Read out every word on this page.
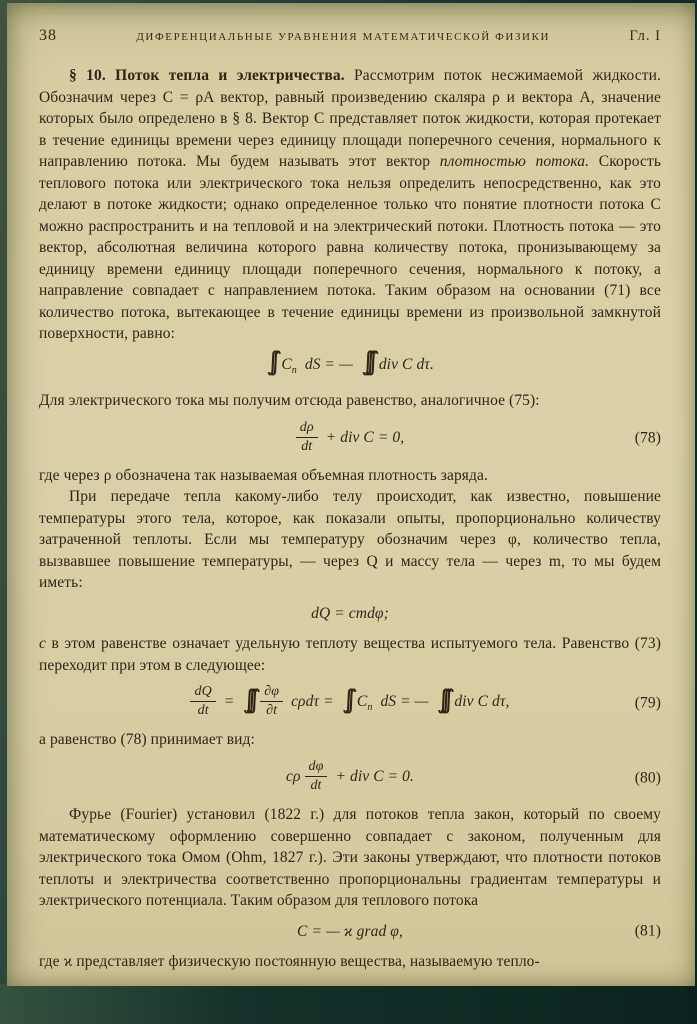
38	ДИФЕРЕНЦИАЛЬНЫЕ УРАВНЕНИЯ МАТЕМАТИЧЕСКОЙ ФИЗИКИ	Гл. I

§ 10. Поток тепла и электричества. Рассмотрим поток несжимаемой жидкости. Обозначим через C = ρA вектор, равный произведению скаляра ρ и вектора A, значение которых было определено в § 8. Вектор C представляет поток жидкости, которая протекает в течение единицы времени через единицу площади поперечного сечения, нормального к направлению потока. Мы будем называть этот вектор плотностью потока. Скорость теплового потока или электрического тока нельзя определить непосредственно, как это делают в потоке жидкости; однако определенное только что понятие плотности потока C можно распространить и на тепловой и на электрический потоки. Плотность потока — это вектор, абсолютная величина которого равна количеству потока, пронизывающему за единицу времени единицу площади поперечного сечения, нормального к потоку, а направление совпадает с направлением потока. Таким образом на основании (71) все количество потока, вытекающее в течение единицы времени из произвольной замкнутой поверхности, равно:

∫∫ $C_n$ dS = — ∫∫∫ div C dτ.

Для электрического тока мы получим отсюда равенство, аналогичное (75):

$\frac{d\rho}{dt}$ + div C = 0,	(78)

где через ρ обозначена так называемая объемная плотность заряда.

При передаче тепла какому-либо телу происходит, как известно, повышение температуры этого тела, которое, как показали опыты, пропорционально количеству затраченной теплоты. Если мы температуру обозначим через φ, количество тепла, вызвавшее повышение температуры, — через Q и массу тела — через m, то мы будем иметь:

dQ = cmdφ;

c в этом равенстве означает удельную теплоту вещества испытуемого тела. Равенство (73) переходит при этом в следующее:

$\frac{dQ}{dt}$ = ∫∫∫ $\frac{\partial\varphi}{\partial t}$ cρdτ = ∫∫ $C_n$ dS = — ∫∫∫ div C dτ,	(79)

а равенство (78) принимает вид:

cρ $\frac{d\varphi}{dt}$ + div C = 0.	(80)

Фурье (Fourier) установил (1822 г.) для потоков тепла закон, который по своему математическому оформлению совершенно совпадает с законом, полученным для электрического тока Омом (Ohm, 1827 г.). Эти законы утверждают, что плотности потоков теплоты и электричества соответственно пропорциональны градиентам температуры и электрического потенциала. Таким образом для теплового потока

C = — ϰ grad φ,	(81)

где ϰ представляет физическую постоянную вещества, называемую тепло-
